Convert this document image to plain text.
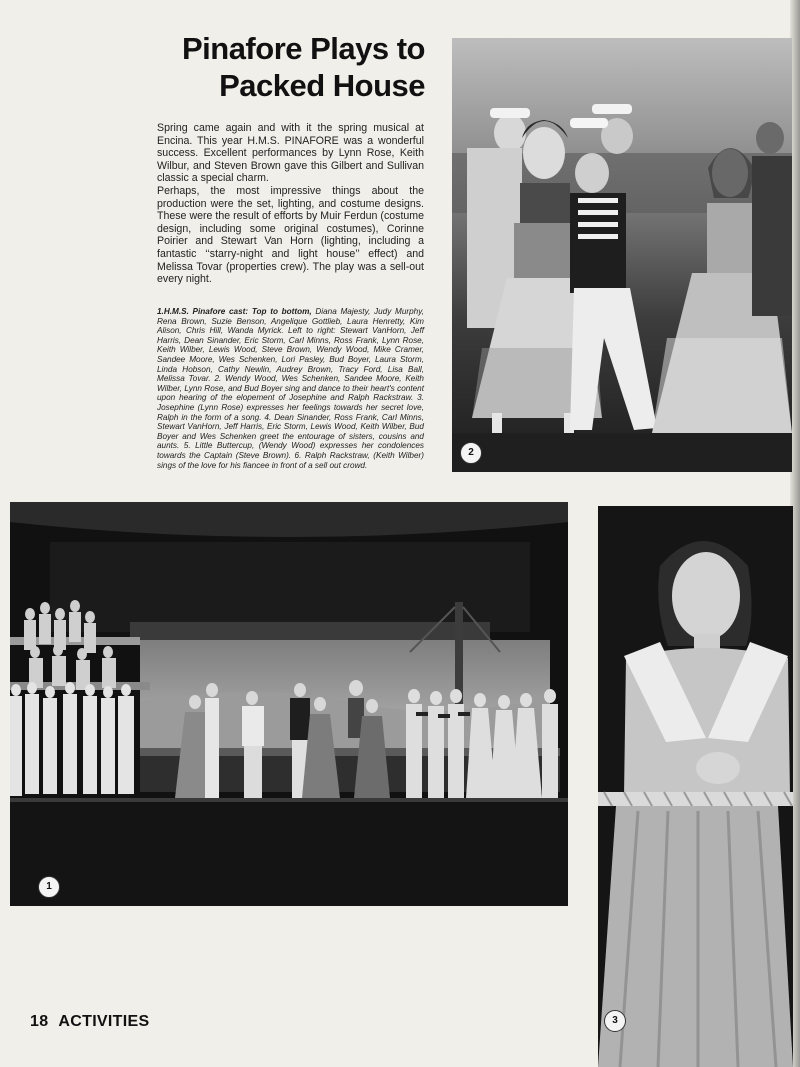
Pinafore Plays to
Packed House

Spring came again and with it the spring musical at Encina. This year H.M.S. PINAFORE was a wonderful success. Excellent performances by Lynn Rose, Keith Wilbur, and Steven Brown gave this Gilbert and Sullivan classic a special charm.

Perhaps, the most impressive things about the production were the set, lighting, and costume designs. These were the result of efforts by Muir Ferdun (costume design, including some original costumes), Corinne Poirier and Stewart Van Horn (lighting, including a fantastic ‘‘starry-night and light house’’ effect) and Melissa Tovar (properties crew). The play was a sell-out every night.

1.H.M.S. Pinafore cast: Top to bottom, Diana Majesty, Judy Murphy, Rena Brown, Suzie Benson, Angelique Gottlieb, Laura Henretty, Kim Alison, Chris Hill, Wanda Myrick. Left to right: Stewart VanHorn, Jeff Harris, Dean Sinander, Eric Storm, Carl Minns, Ross Frank, Lynn Rose, Keith Wilber, Lewis Wood, Steve Brown, Wendy Wood, Mike Cramer, Sandee Moore, Wes Schenken, Lori Pasley, Bud Boyer, Laura Storm, Linda Hobson, Cathy Newlin, Audrey Brown, Tracy Ford, Lisa Ball, Melissa Tovar. 2. Wendy Wood, Wes Schenken, Sandee Moore, Keith Wilber, Lynn Rose, and Bud Boyer sing and dance to their heart's content upon hearing of the elopement of Josephine and Ralph Rackstraw. 3. Josephine (Lynn Rose) expresses her feelings towards her secret love, Ralph in the form of a song. 4. Dean Sinander, Ross Frank, Carl Minns, Stewart VanHorn, Jeff Harris, Eric Storm, Lewis Wood, Keith Wilber, Bud Boyer and Wes Schenken greet the entourage of sisters, cousins and aunts. 5. Little Buttercup, (Wendy Wood) expresses her condolences towards the Captain (Steve Brown). 6. Ralph Rackstraw, (Keith Wilber) sings of the love for his fiancee in front of a sell out crowd.

2
1
3
18 ACTIVITIES
